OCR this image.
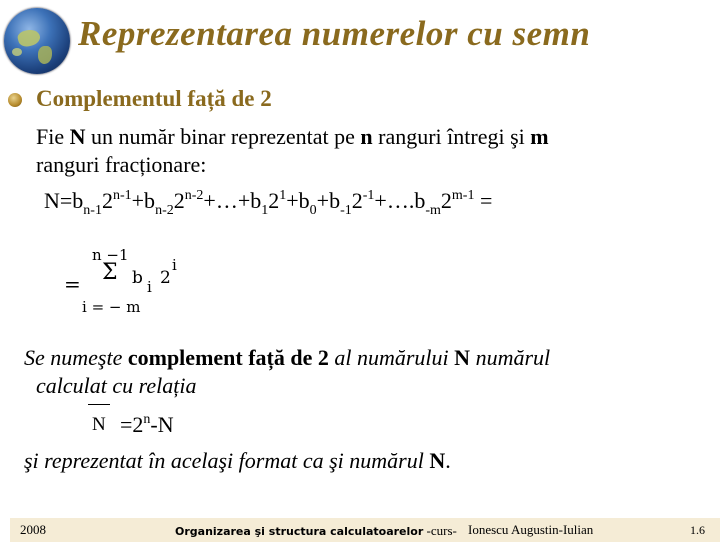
Reprezentarea numerelor cu semn
Complementul față de 2
Fie N un număr binar reprezentat pe n ranguri întregi şi m
ranguri fracționare:
$N=b_{n-1}2^{n-1}+b_{n-2}2^{n-2}+\dots+b_12^1+b_0+b_{-1}2^{-1}+\dots.b_{-m}2^{m-1}$ =
=
n −1
Σ b i 2
i
i = − m
Se numeşte complement față de 2 al numărului N numărul
calculat cu relația
$N =2^n-N$
şi reprezentat în acelaşi format ca şi numărul N.
2008	Organizarea şi structura calculatoarelor -curs- Ionescu Augustin-Iulian	1.6
